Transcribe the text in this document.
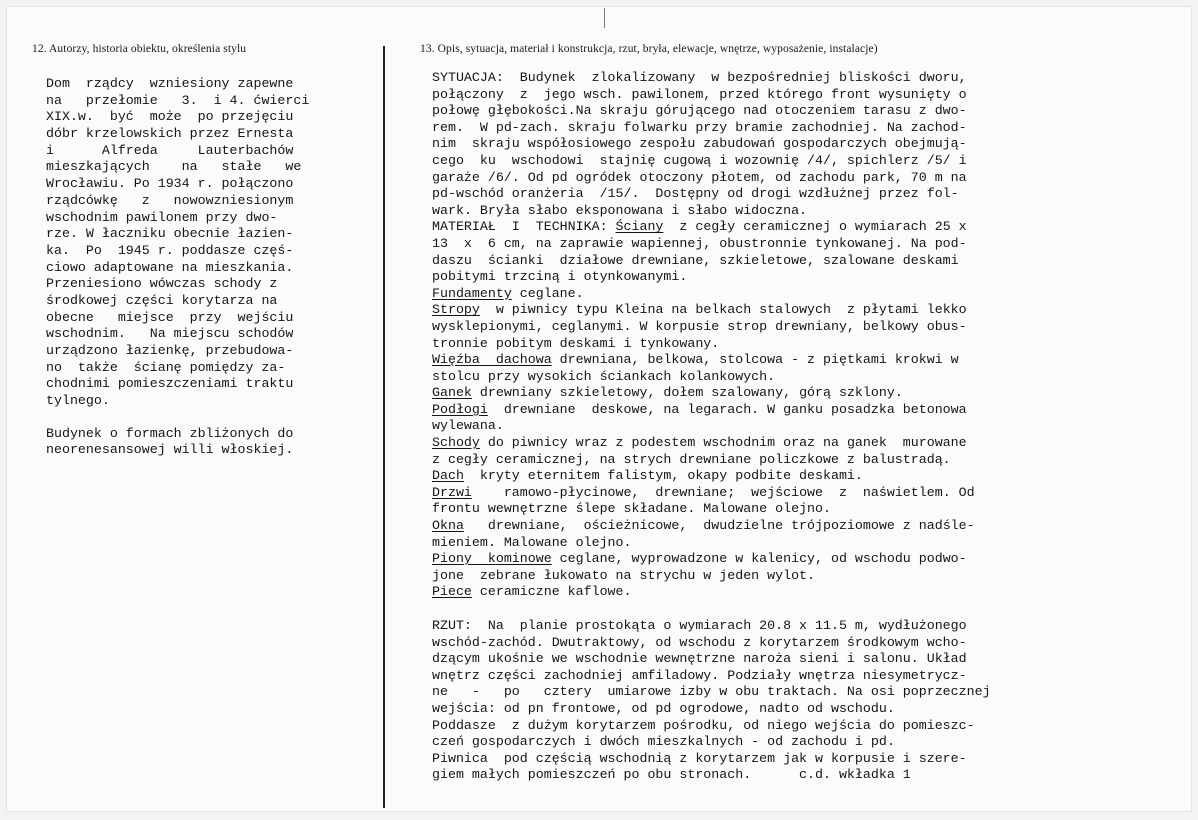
12. Autorzy, historia obiektu, określenia stylu	13. Opis, sytuacja, materiał i konstrukcja, rzut, bryła, elewacje, wnętrze, wyposażenie, instalacje)
Dom  rządcy  wzniesiony zapewne
na   przełomie   3.  i 4. ćwierci
XIX.w.  być  może  po przejęciu
dóbr krzelowskich przez Ernesta
i      Alfreda     Lauterbachów
mieszkających    na   stałe   we
Wrocławiu. Po 1934 r. połączono
rządcówkę   z   nowowzniesionym
wschodnim pawilonem przy dwo-
rze. W łaczniku obecnie łazien-
ka.  Po  1945 r. poddasze częś-
ciowo adaptowane na mieszkania.
Przeniesiono wówczas schody z
środkowej części korytarza na
obecne   miejsce  przy  wejściu
wschodnim.   Na miejscu schodów
urządzono łazienkę, przebudowa-
no  także  ścianę pomiędzy za-
chodnimi pomieszczeniami traktu
tylnego.
Budynek o formach zbliżonych do
neorenesansowej willi włoskiej.
SYTUACJA:  Budynek  zlokalizowany  w bezpośredniej bliskości dworu,
połączony  z  jego wsch. pawilonem, przed którego front wysunięty o
połowę głębokości.Na skraju górującego nad otoczeniem tarasu z dwo-
rem.  W pd-zach. skraju folwarku przy bramie zachodniej. Na zachod-
nim  skraju współosiowego zespołu zabudowań gospodarczych obejmują-
cego  ku  wschodowi  stajnię cugową i wozownię /4/, spichlerz /5/ i
garaże /6/. Od pd ogródek otoczony płotem, od zachodu park, 70 m na
pd-wschód oranżeria  /15/.  Dostępny od drogi wzdłużnej przez fol-
wark. Bryła słabo eksponowana i słabo widoczna.
MATERIAŁ  I  TECHNIKA: Ściany  z cegły ceramicznej o wymiarach 25 x
13  x  6 cm, na zaprawie wapiennej, obustronnie tynkowanej. Na pod-
daszu  ścianki  działowe drewniane, szkieletowe, szalowane deskami
pobitymi trzciną i otynkowanymi.
Fundamenty ceglane.
Stropy  w piwnicy typu Kleina na belkach stalowych  z płytami lekko
wysklepionymi, ceglanymi. W korpusie strop drewniany, belkowy obus-
tronnie pobitym deskami i tynkowany.
Więźba  dachowa drewniana, belkowa, stolcowa - z piętkami krokwi w
stolcu przy wysokich ściankach kolankowych.
Ganek drewniany szkieletowy, dołem szalowany, górą szklony.
Podłogi  drewniane  deskowe, na legarach. W ganku posadzka betonowa
wylewana.
Schody do piwnicy wraz z podestem wschodnim oraz na ganek  murowane
z cegły ceramicznej, na strych drewniane policzkowe z balustradą.
Dach  kryty eternitem falistym, okapy podbite deskami.
Drzwi    ramowo-płycinowe,  drewniane;  wejściowe  z  naświetlem. Od
frontu wewnętrzne ślepe składane. Malowane olejno.
Okna   drewniane,  ościeżnicowe,  dwudzielne trójpoziomowe z nadśle-
mieniem. Malowane olejno.
Piony  kominowe ceglane, wyprowadzone w kalenicy, od wschodu podwo-
jone  zebrane łukowato na strychu w jeden wylot.
Piece ceramiczne kaflowe.
RZUT:  Na  planie prostokąta o wymiarach 20.8 x 11.5 m, wydłużonego
wschód-zachód. Dwutraktowy, od wschodu z korytarzem środkowym wcho-
dzącym ukośnie we wschodnie wewnętrzne naroża sieni i salonu. Układ
wnętrz części zachodniej amfiladowy. Podziały wnętrza niesymetrycz-
ne   -   po   cztery  umiarowe izby w obu traktach. Na osi poprzecznej
wejścia: od pn frontowe, od pd ogrodowe, nadto od wschodu.
Poddasze  z dużym korytarzem pośrodku, od niego wejścia do pomieszc-
czeń gospodarczych i dwóch mieszkalnych - od zachodu i pd.
Piwnica  pod częścią wschodnią z korytarzem jak w korpusie i szere-
giem małych pomieszczeń po obu stronach.      c.d. wkładka 1
